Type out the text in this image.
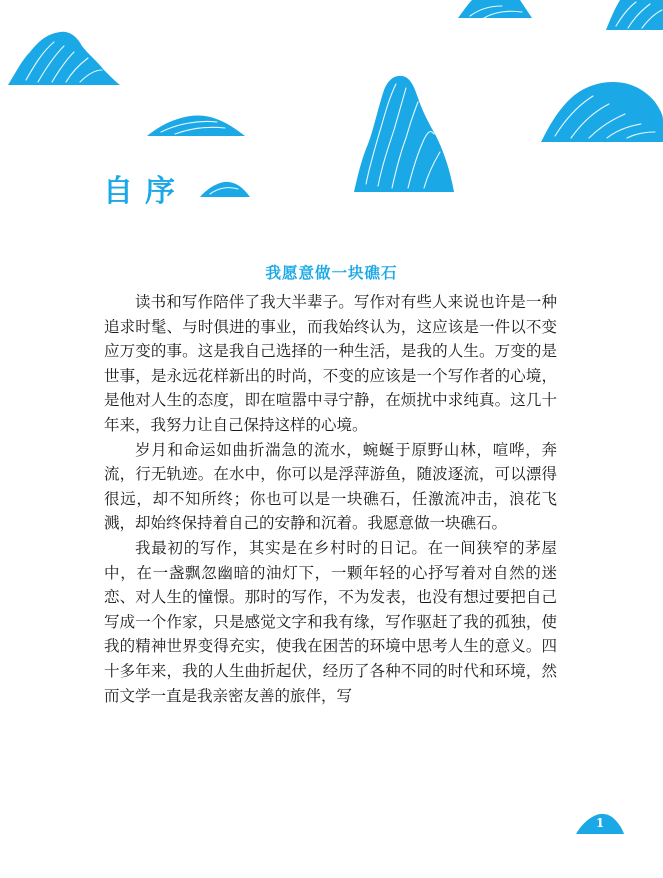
自序
我愿意做一块礁石

读书和写作陪伴了我大半辈子。写作对有些人来说也许是一种追求时髦、与时俱进的事业，而我始终认为，这应该是一件以不变应万变的事。这是我自己选择的一种生活，是我的人生。万变的是世事，是永远花样新出的时尚，不变的应该是一个写作者的心境，是他对人生的态度，即在喧嚣中寻宁静，在烦扰中求纯真。这几十年来，我努力让自己保持这样的心境。

岁月和命运如曲折湍急的流水，蜿蜒于原野山林，喧哗，奔流，行无轨迹。在水中，你可以是浮萍游鱼，随波逐流，可以漂得很远，却不知所终；你也可以是一块礁石，任激流冲击，浪花飞溅，却始终保持着自己的安静和沉着。我愿意做一块礁石。

我最初的写作，其实是在乡村时的日记。在一间狭窄的茅屋中，在一盏飘忽幽暗的油灯下，一颗年轻的心抒写着对自然的迷恋、对人生的憧憬。那时的写作，不为发表，也没有想过要把自己写成一个作家，只是感觉文字和我有缘，写作驱赶了我的孤独，使我的精神世界变得充实，使我在困苦的环境中思考人生的意义。四十多年来，我的人生曲折起伏，经历了各种不同的时代和环境，然而文学一直是我亲密友善的旅伴，写

1
